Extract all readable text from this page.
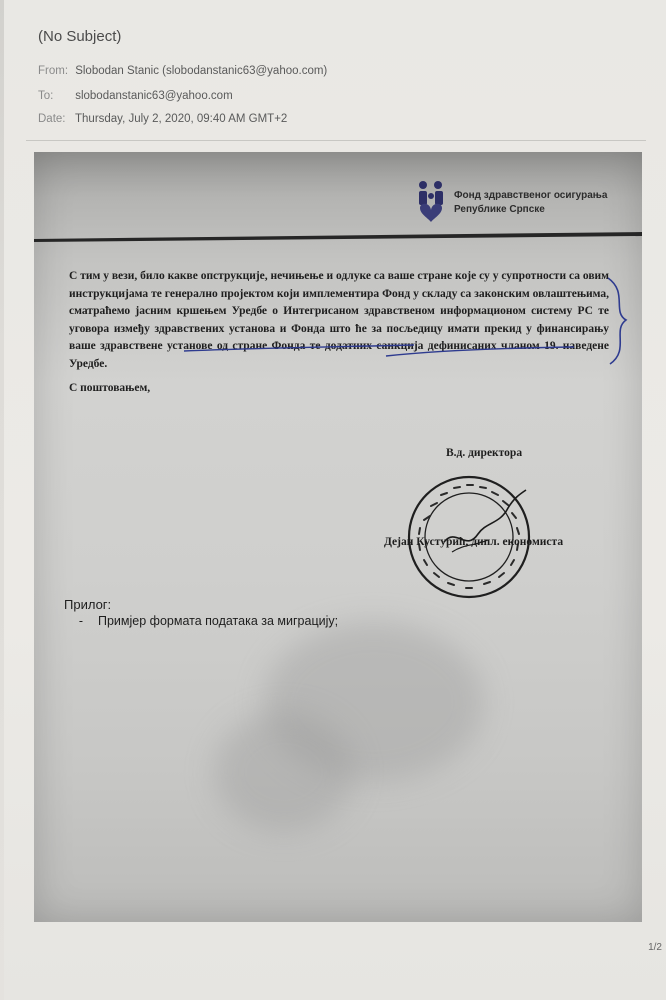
(No Subject)
From: Slobodan Stanic (slobodanstanic63@yahoo.com)
To: slobodanstanic63@yahoo.com
Date: Thursday, July 2, 2020, 09:40 AM GMT+2
Фонд здравственог осигурања
Републике Српске
С тим у вези, било какве опструкције, нечињење и одлуке са ваше стране које су у супротности са овим инструкцијама те генерално пројектом који имплементира Фонд у складу са законским овлаштењима, сматраћемо јасним кршењем Уредбе о Интегрисаном здравственом информационом систему РС те уговора између здравствених установа и Фонда што ће за посљедицу имати прекид у финансирању ваше здравствене установе од стране Фонда те додатних санкција дефинисаних чланом 19. наведене Уредбе.
С поштовањем,
В.д. директора
Дејан Кустурић, дипл. економиста
Прилог:
- Примјер формата података за миграцију;
1/2
